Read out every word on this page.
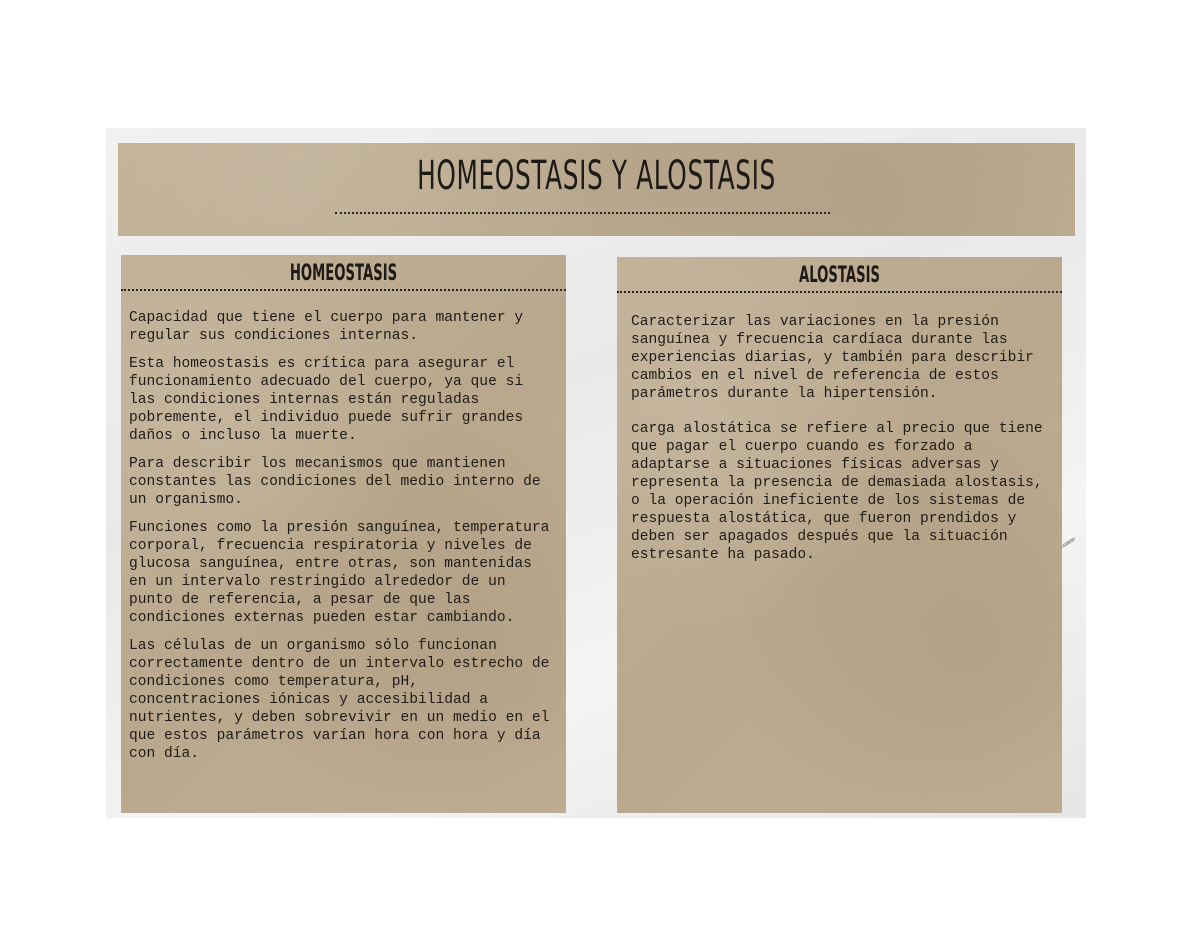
HOMEOSTASIS Y ALOSTASIS
HOMEOSTASIS

Capacidad que tiene el cuerpo para mantener y regular sus condiciones internas.

Esta homeostasis es crítica para asegurar el funcionamiento adecuado del cuerpo, ya que si las condiciones internas están reguladas pobremente, el individuo puede sufrir grandes daños o incluso la muerte.

Para describir los mecanismos que mantienen constantes las condiciones del medio interno de un organismo.

Funciones como la presión sanguínea, temperatura corporal, frecuencia respiratoria y niveles de glucosa sanguínea, entre otras, son mantenidas en un intervalo restringido alrededor de un punto de referencia, a pesar de que las condiciones externas pueden estar cambiando.

Las células de un organismo sólo funcionan correctamente dentro de un intervalo estrecho de condiciones como temperatura, pH, concentraciones iónicas y accesibilidad a nutrientes, y deben sobrevivir en un medio en el que estos parámetros varían hora con hora y día con día.

ALOSTASIS

Caracterizar las variaciones en la presión sanguínea y frecuencia cardíaca durante las experiencias diarias, y también para describir cambios en el nivel de referencia de estos parámetros durante la hipertensión.

carga alostática se refiere al precio que tiene que pagar el cuerpo cuando es forzado a adaptarse a situaciones físicas adversas y representa la presencia de demasiada alostasis, o la operación ineficiente de los sistemas de respuesta alostática, que fueron prendidos y deben ser apagados después que la situación estresante ha pasado.
